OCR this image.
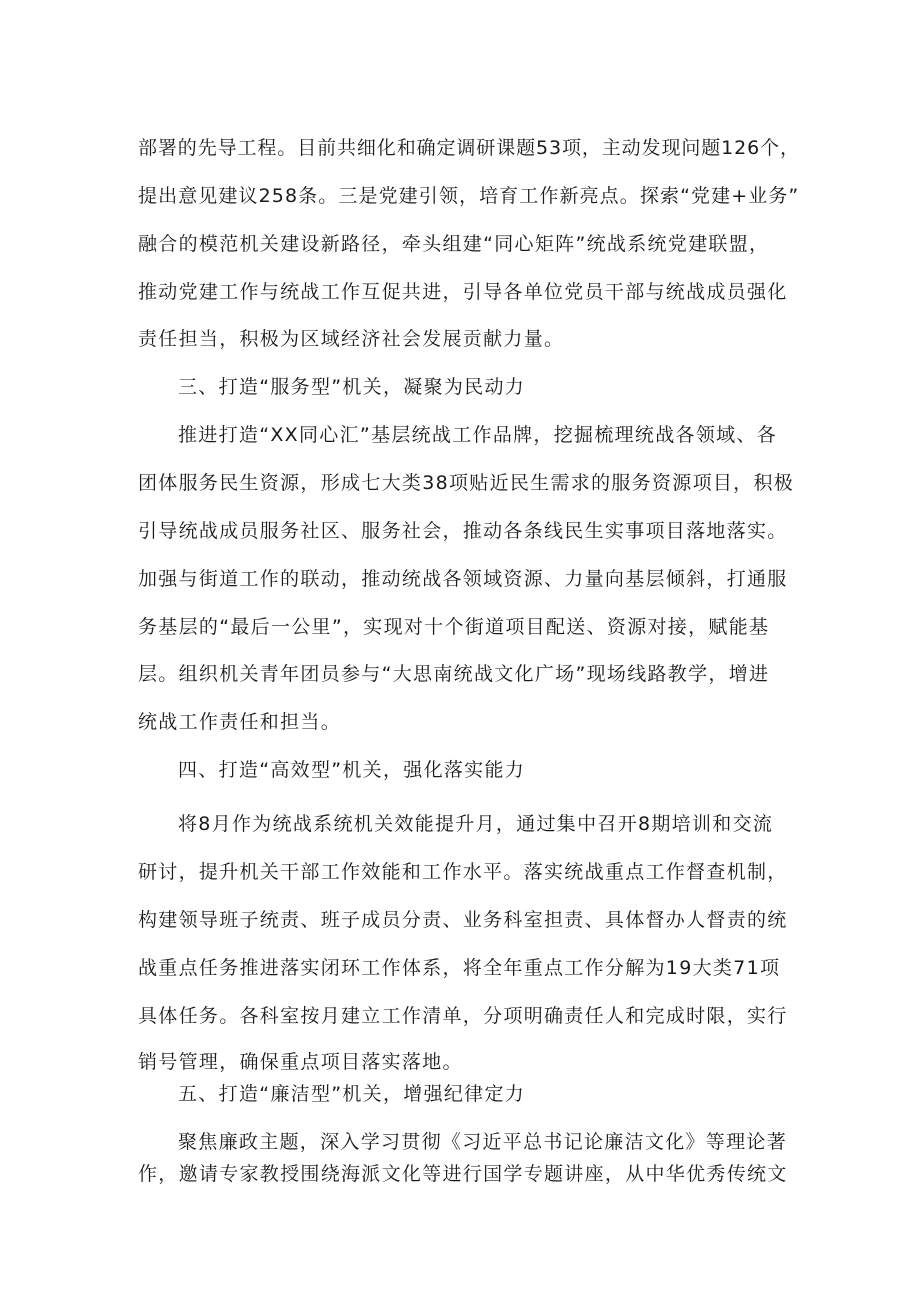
部署的先导工程。目前共细化和确定调研课题53项，主动发现问题126个，
提出意见建议258条。三是党建引领，培育工作新亮点。探索“党建+业务”
融合的模范机关建设新路径，牵头组建“同心矩阵”统战系统党建联盟，
推动党建工作与统战工作互促共进，引导各单位党员干部与统战成员强化
责任担当，积极为区域经济社会发展贡献力量。
三、打造“服务型”机关，凝聚为民动力
推进打造“XX同心汇”基层统战工作品牌，挖掘梳理统战各领域、各
团体服务民生资源，形成七大类38项贴近民生需求的服务资源项目，积极
引导统战成员服务社区、服务社会，推动各条线民生实事项目落地落实。
加强与街道工作的联动，推动统战各领域资源、力量向基层倾斜，打通服
务基层的“最后一公里”，实现对十个街道项目配送、资源对接，赋能基
层。组织机关青年团员参与“大思南统战文化广场”现场线路教学，增进
统战工作责任和担当。
四、打造“高效型”机关，强化落实能力
将8月作为统战系统机关效能提升月，通过集中召开8期培训和交流
研讨，提升机关干部工作效能和工作水平。落实统战重点工作督查机制，
构建领导班子统责、班子成员分责、业务科室担责、具体督办人督责的统
战重点任务推进落实闭环工作体系，将全年重点工作分解为19大类71项
具体任务。各科室按月建立工作清单，分项明确责任人和完成时限，实行
销号管理，确保重点项目落实落地。
五、打造“廉洁型”机关，增强纪律定力
聚焦廉政主题，深入学习贯彻《习近平总书记论廉洁文化》等理论著
作，邀请专家教授围绕海派文化等进行国学专题讲座，从中华优秀传统文
